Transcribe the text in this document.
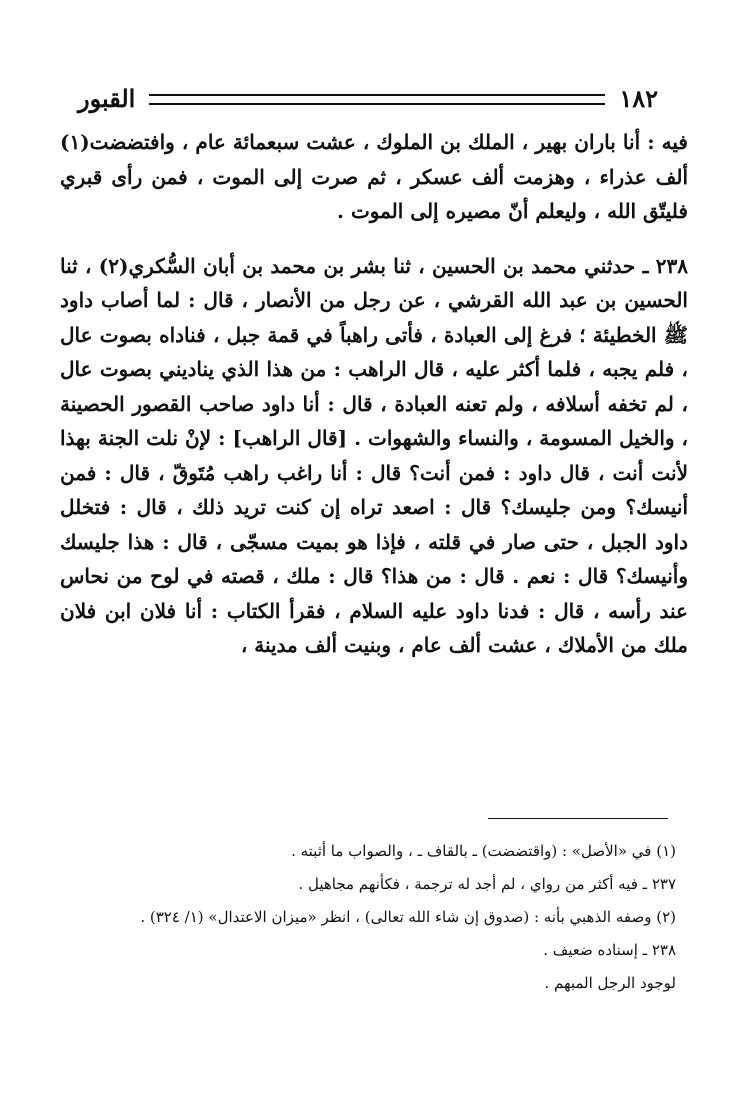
١٨٢
القبور

فيه : أنا باران بهير ، الملك بن الملوك ، عشت سبعمائة عام ، وافتضضت(١) ألف عذراء ، وهزمت ألف عسكر ، ثم صرت إلى الموت ، فمن رأى قبري فليتّق الله ، وليعلم أنّ مصيره إلى الموت .

٢٣٨ ـ حدثني محمد بن الحسين ، ثنا بشر بن محمد بن أبان السُّكري(٢) ، ثنا الحسين بن عبد الله القرشي ، عن رجل من الأنصار ، قال : لما أصاب داود ﷺ الخطيئة ؛ فرغ إلى العبادة ، فأتى راهباً في قمة جبل ، فناداه بصوت عال ، فلم يجبه ، فلما أكثر عليه ، قال الراهب : من هذا الذي يناديني بصوت عال ، لم تخفه أسلافه ، ولم تعنه العبادة ، قال : أنا داود صاحب القصور الحصينة ، والخيل المسومة ، والنساء والشهوات . [قال الراهب] : لإنْ نلت الجنة بهذا لأنت أنت ، قال داود : فمن أنت؟ قال : أنا راغب راهب مُتَوقّ ، قال : فمن أنيسك؟ ومن جليسك؟ قال : اصعد تراه إن كنت تريد ذلك ، قال : فتخلل داود الجبل ، حتى صار في قلته ، فإذا هو بميت مسجّى ، قال : هذا جليسك وأنيسك؟ قال : نعم . قال : من هذا؟ قال : ملك ، قصته في لوح من نحاس عند رأسه ، قال : فدنا داود عليه السلام ، فقرأ الكتاب : أنا فلان ابن فلان ملك من الأملاك ، عشت ألف عام ، وبنيت ألف مدينة ،

(١) في «الأصل» : (واقتضضت) ـ بالقاف ـ ، والصواب ما أثبته .

٢٣٧ ـ فيه أكثر من رواي ، لم أجد له ترجمة ، فكأنهم مجاهيل .

(٢) وصفه الذهبي بأنه : (صدوق إن شاء الله تعالى) ، انظر «ميزان الاعتدال» (١/ ٣٢٤) .

٢٣٨ ـ إسناده ضعيف .

لوجود الرجل المبهم .
